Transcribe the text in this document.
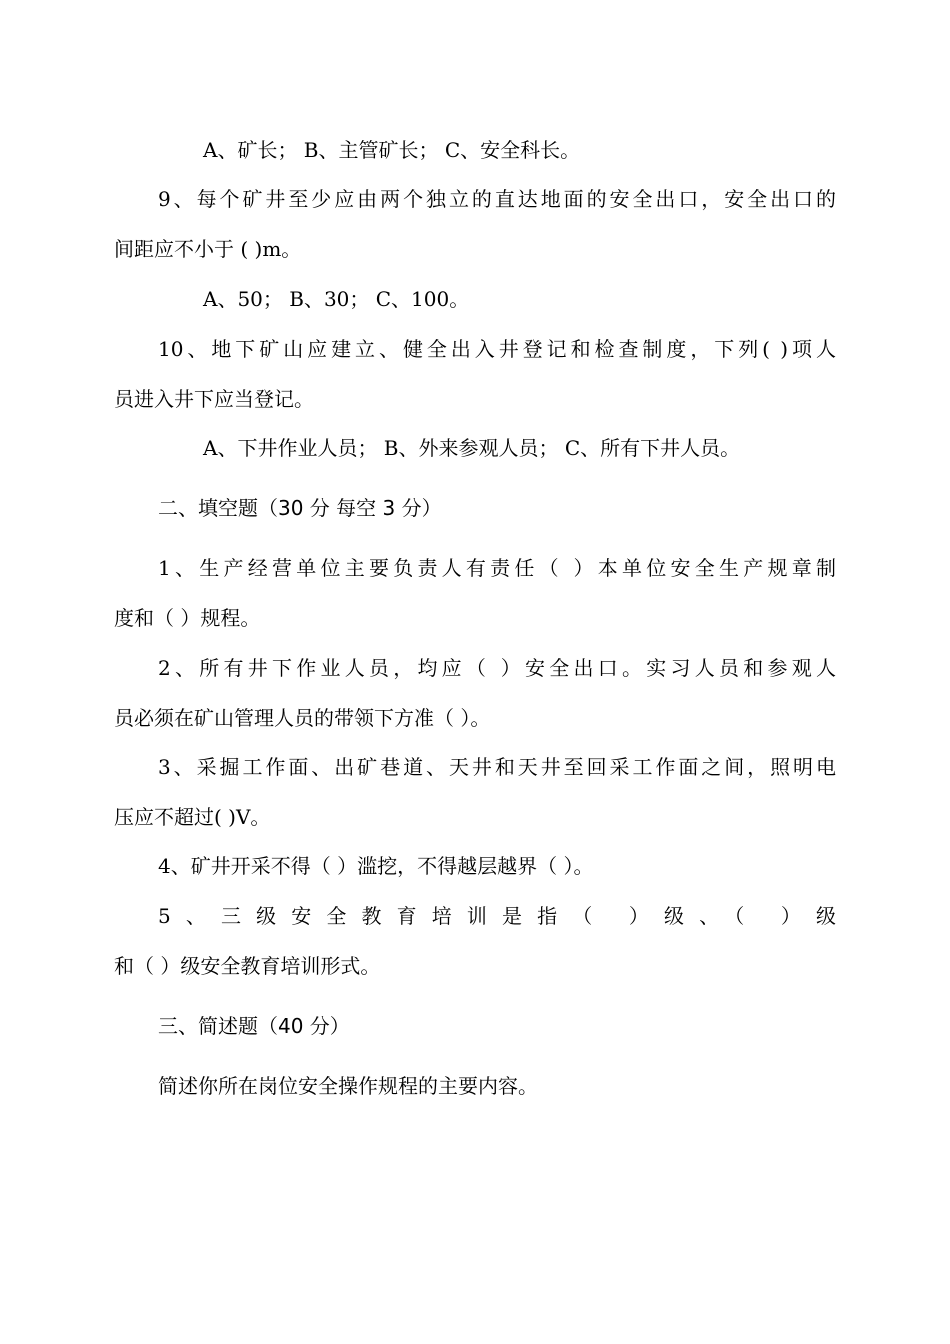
A、矿长； B、主管矿长； C、安全科长。

9、每个矿井至少应由两个独立的直达地面的安全出口，安全出口的

间距应不小于 ( )m。

A、50； B、30； C、100。

10、地下矿山应建立、健全出入井登记和检查制度，下列( )项人

员进入井下应当登记。

A、下井作业人员； B、外来参观人员； C、所有下井人员。

二、填空题（30 分 每空 3 分）

1、生产经营单位主要负责人有责任（ ）本单位安全生产规章制

度和（ ）规程。

2、所有井下作业人员，均应（ ）安全出口。实习人员和参观人

员必须在矿山管理人员的带领下方准（ ）。

3、采掘工作面、出矿巷道、天井和天井至回采工作面之间，照明电

压应不超过( )V。

4、矿井开采不得（ ）滥挖，不得越层越界（ ）。

5、三级安全教育培训是指（ ）级、（ ）级

和（ ）级安全教育培训形式。

三、简述题（40 分）

简述你所在岗位安全操作规程的主要内容。
